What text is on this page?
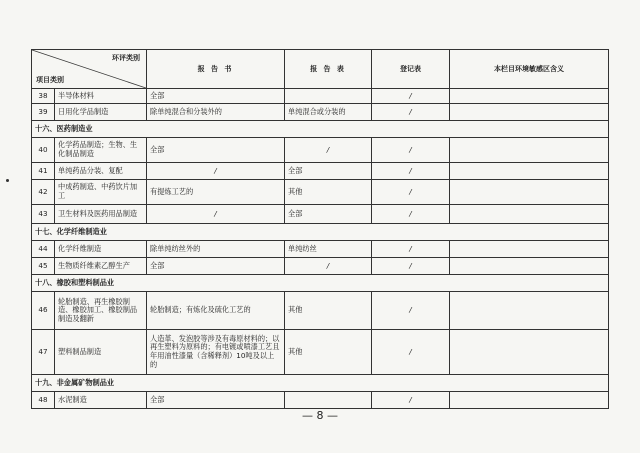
环评类别
项目类别		报 告 书	报 告 表	登记表	本栏目环境敏感区含义
38	半导体材料	全部		/	
39	日用化学品制造	除单纯混合和分装外的	单纯混合或分装的	/	
十六、医药制造业					
40	化学药品制造；生物、生化制品制造	全部	/	/	
41	单纯药品分装、复配	/	全部	/	
42	中成药制造、中药饮片加工	有提炼工艺的	其他	/	
43	卫生材料及医药用品制造	/	全部	/	
十七、化学纤维制造业					
44	化学纤维制造	除单纯纺丝外的	单纯纺丝	/	
45	生物质纤维素乙醇生产	全部	/	/	
十八、橡胶和塑料制品业					
46	轮胎制造、再生橡胶制造、橡胶加工、橡胶制品制造及翻新	轮胎制造；有炼化及硫化工艺的	其他	/	
47	塑料制品制造	人造革、发泡胶等涉及有毒原材料的；以再生塑料为原料的；有电镀或喷漆工艺且年用油性漆量（含稀释剂）10吨及以上的	其他	/	
十九、非金属矿物制品业					
48	水泥制造	全部		/	
— 8 —
